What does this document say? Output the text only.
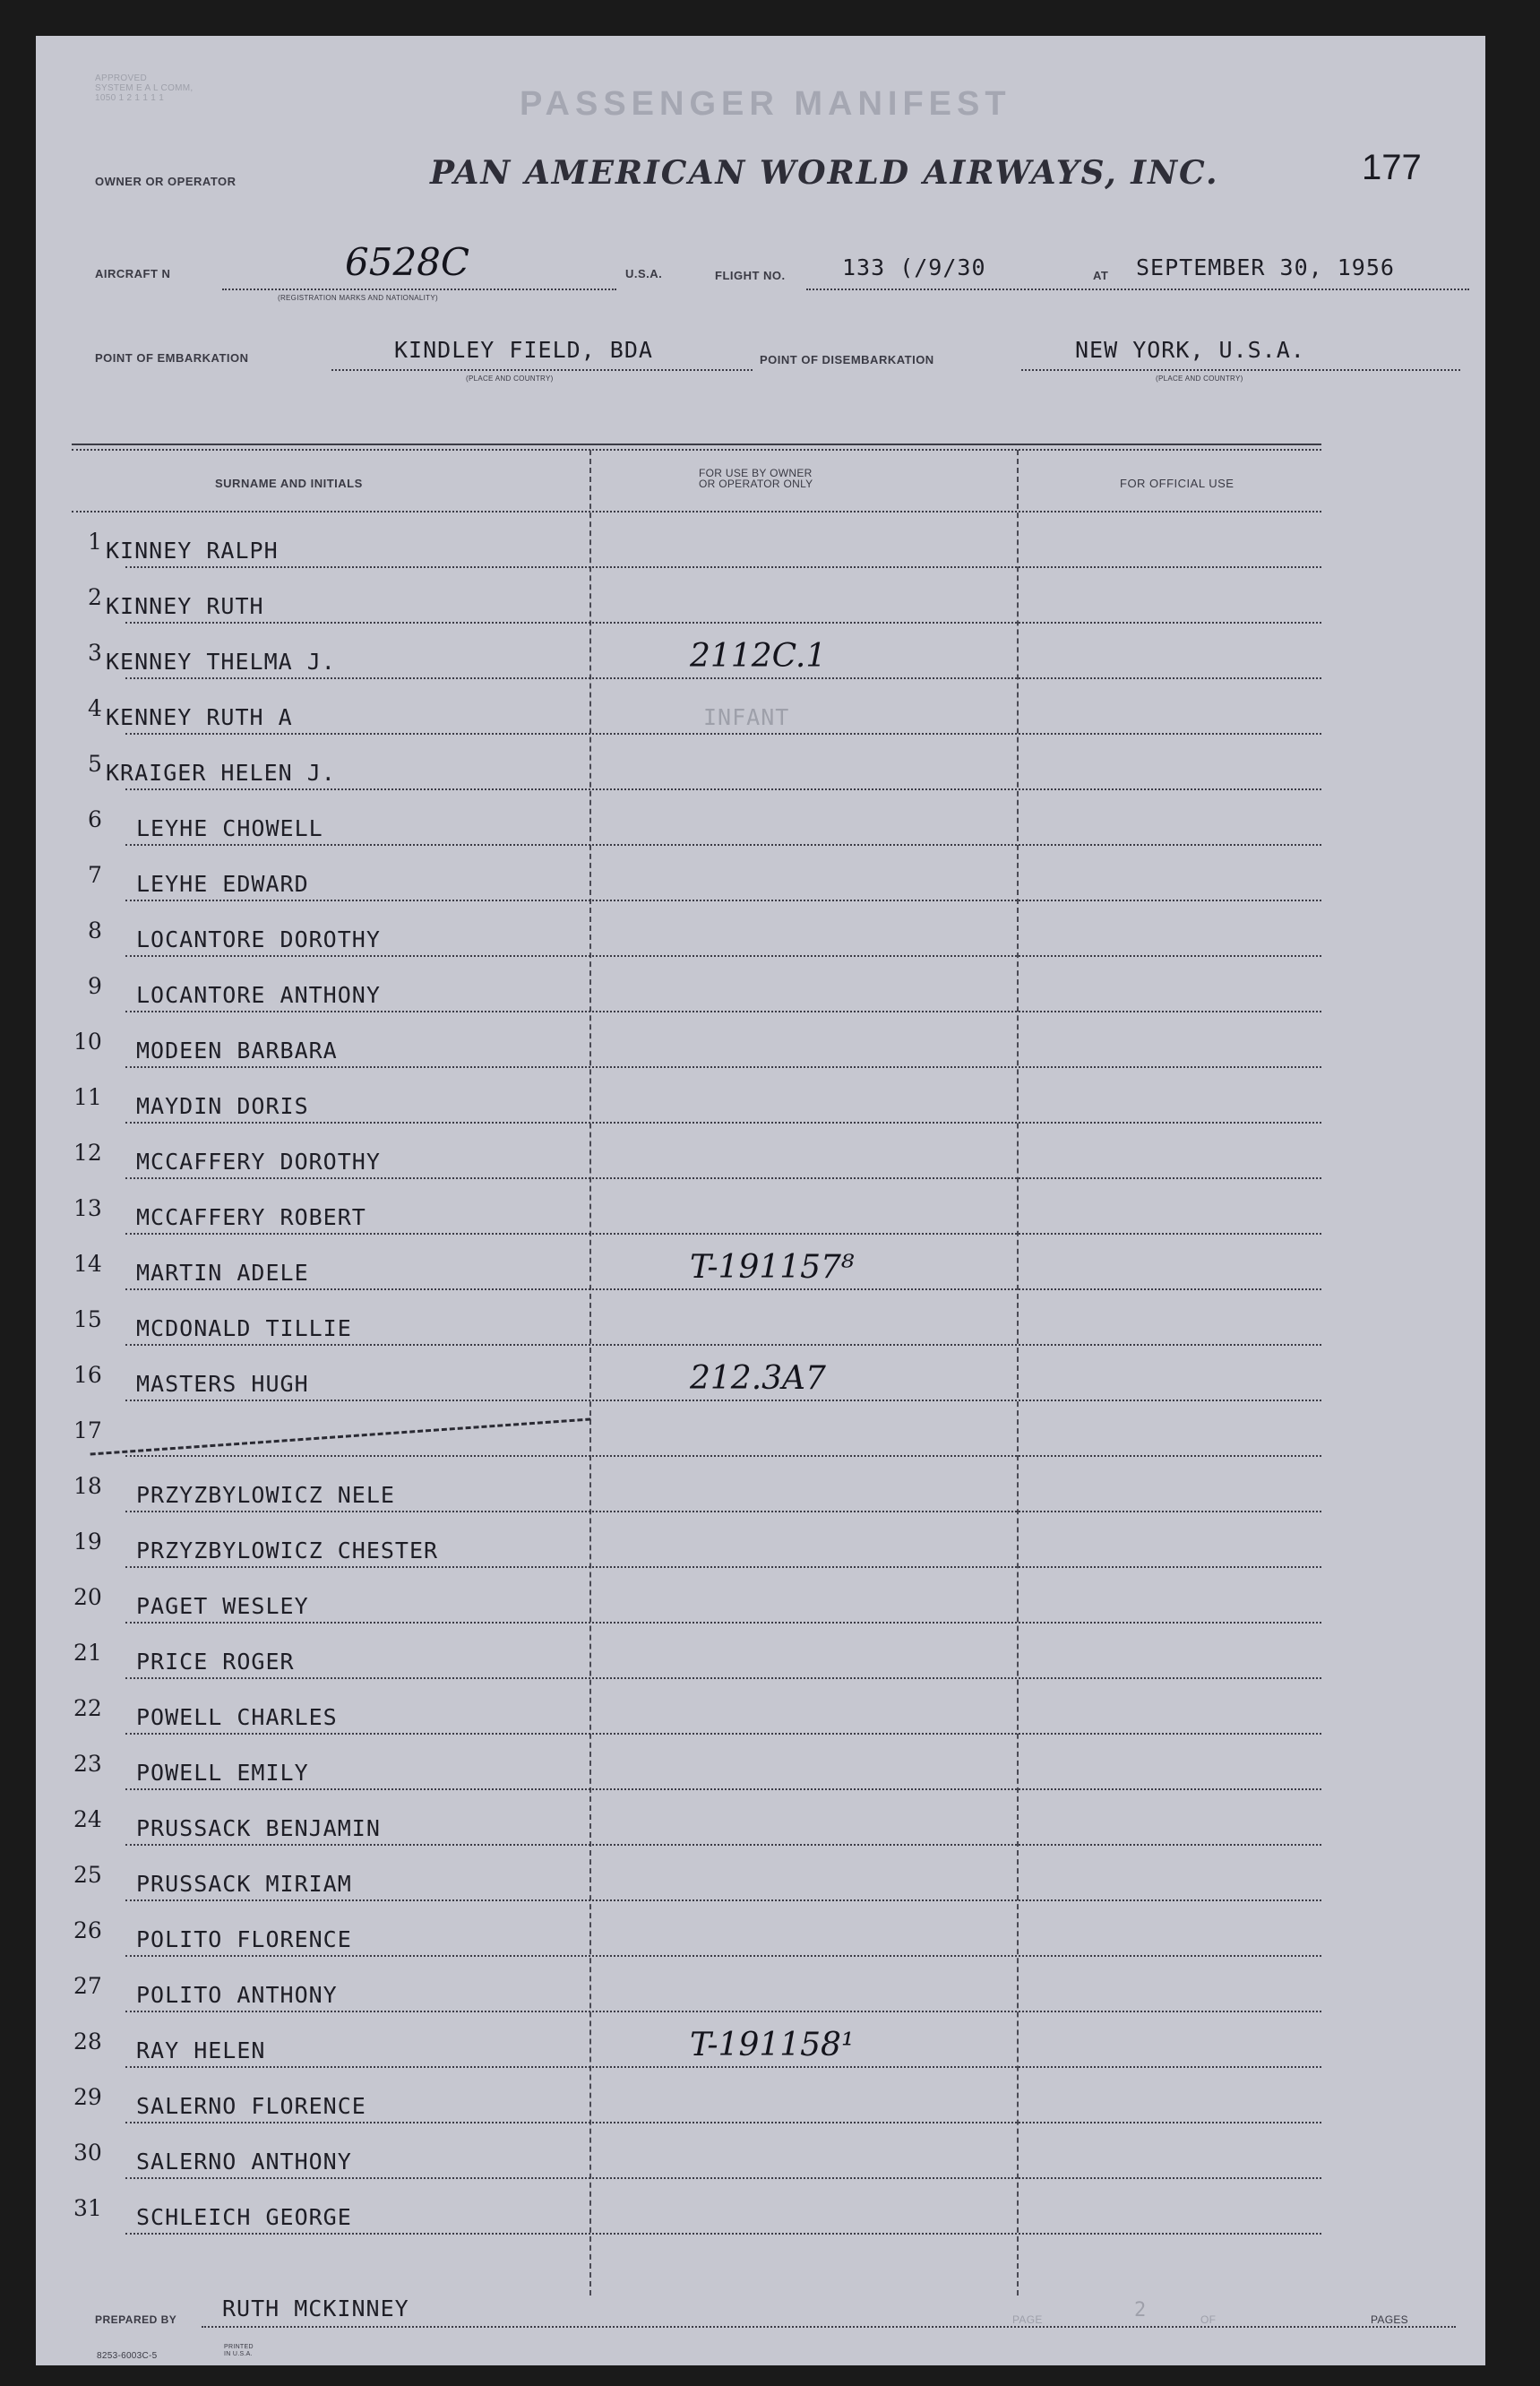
APPROVED
SYSTEM E A L COMM,
1050 1 2 1 1 1 1	PASSENGER MANIFEST
OWNER OR OPERATOR	PAN AMERICAN WORLD AIRWAYS, INC.	177
AIRCRAFT N	6528C
(REGISTRATION MARKS AND NATIONALITY)
U.S.A.	FLIGHT NO.	133 (/9/30	AT SEPTEMBER 30, 1956
POINT OF EMBARKATION	KINDLEY FIELD, BDA
(PLACE AND COUNTRY)
POINT OF DISEMBARKATION	NEW YORK, U.S.A.
(PLACE AND COUNTRY)
SURNAME AND INITIALS
FOR USE BY OWNER
OR OPERATOR ONLY	FOR OFFICIAL USE
1 KINNEY RALPH
2 KINNEY RUTH
3 KENNEY THELMA J.	2112C.1
4 KENNEY RUTH A	INFANT
5 KRAIGER HELEN J.
6 LEYHE CHOWELL
7 LEYHE EDWARD
8 LOCANTORE DOROTHY
9 LOCANTORE ANTHONY
10 MODEEN BARBARA
11 MAYDIN DORIS
12 MCCAFFERY DOROTHY
13 MCCAFFERY ROBERT
14 MARTIN ADELE	T-191157⁸
15 MCDONALD TILLIE
16 MASTERS HUGH	212.3A7
17
18 PRZYZBYLOWICZ NELE
19 PRZYZBYLOWICZ CHESTER
20 PAGET WESLEY
21 PRICE ROGER
22 POWELL CHARLES
23 POWELL EMILY
24 PRUSSACK BENJAMIN
25 PRUSSACK MIRIAM
26 POLITO FLORENCE
27 POLITO ANTHONY
28 RAY HELEN	T-191158¹
29 SALERNO FLORENCE
30 SALERNO ANTHONY
31 SCHLEICH GEORGE
PREPARED BY RUTH MCKINNEY	PAGE	2	OF	PAGES
8253-6003C-5
PRINTED IN U.S.A.
